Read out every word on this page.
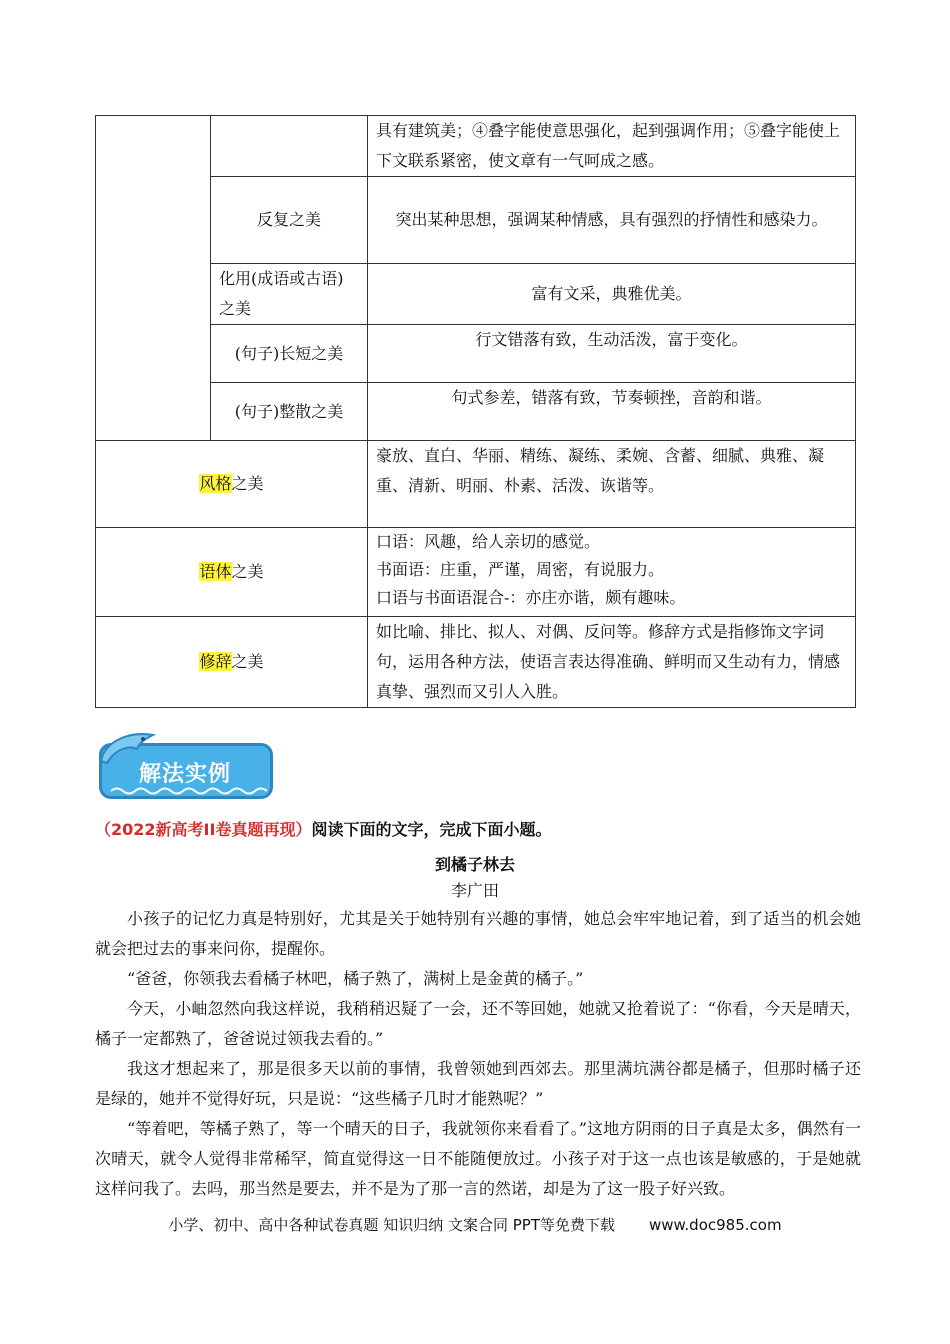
		具有建筑美；④叠字能使意思强化，起到强调作用；⑤叠字能使上下文联系紧密，使文章有一气呵成之感。
	反复之美	突出某种思想，强调某种情感，具有强烈的抒情性和感染力。
	化用(成语或古语)之美	富有文采，典雅优美。
	(句子)长短之美	行文错落有致，生动活泼，富于变化。
	(句子)整散之美	句式参差，错落有致，节奏顿挫，音韵和谐。
风格之美		豪放、直白、华丽、精练、凝练、柔婉、含蓄、细腻、典雅、凝重、清新、明丽、朴素、活泼、诙谐等。
语体之美		口语：风趣，给人亲切的感觉。
书面语：庄重，严谨，周密，有说服力。
口语与书面语混合-：亦庄亦谐，颇有趣味。

修辞之美		如比喻、排比、拟人、对偶、反问等。修辞方式是指修饰文字词句，运用各种方法，使语言表达得准确、鲜明而又生动有力，情感真挚、强烈而又引人入胜。
解法实例
（2022新高考II卷真题再现）阅读下面的文字，完成下面小题。
到橘子林去
李广田
小孩子的记忆力真是特别好，尤其是关于她特别有兴趣的事情，她总会牢牢地记着，到了适当的机会她就会把过去的事来问你，提醒你。
“爸爸，你领我去看橘子林吧，橘子熟了，满树上是金黄的橘子。”
今天，小岫忽然向我这样说，我稍稍迟疑了一会，还不等回她，她就又抢着说了：“你看，今天是晴天，橘子一定都熟了，爸爸说过领我去看的。”
我这才想起来了，那是很多天以前的事情，我曾领她到西郊去。那里满坑满谷都是橘子，但那时橘子还是绿的，她并不觉得好玩，只是说：“这些橘子几时才能熟呢？”
“等着吧，等橘子熟了，等一个晴天的日子，我就领你来看看了。”这地方阴雨的日子真是太多，偶然有一次晴天，就令人觉得非常稀罕，简直觉得这一日不能随便放过。小孩子对于这一点也该是敏感的，于是她就这样问我了。去吗，那当然是要去，并不是为了那一言的然诺，却是为了这一股子好兴致。
小学、初中、高中各种试卷真题 知识归纳 文案合同 PPT等免费下载 www.doc985.com
